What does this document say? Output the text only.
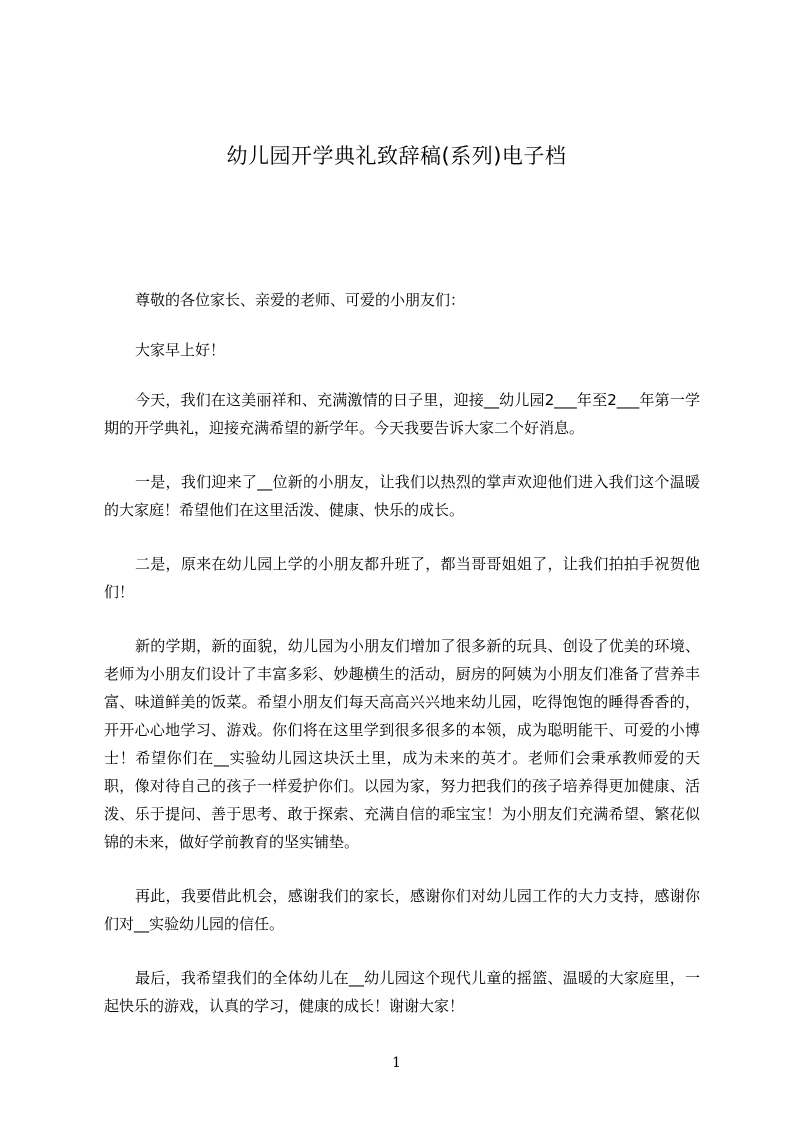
幼儿园开学典礼致辞稿(系列)电子档

尊敬的各位家长、亲爱的老师、可爱的小朋友们：

大家早上好！

今天，我们在这美丽祥和、充满激情的日子里，迎接__幼儿园2___年至2___年第一学期的开学典礼，迎接充满希望的新学年。今天我要告诉大家二个好消息。

一是，我们迎来了__位新的小朋友，让我们以热烈的掌声欢迎他们进入我们这个温暖的大家庭！希望他们在这里活泼、健康、快乐的成长。

二是，原来在幼儿园上学的小朋友都升班了，都当哥哥姐姐了，让我们拍拍手祝贺他们！

新的学期，新的面貌，幼儿园为小朋友们增加了很多新的玩具、创设了优美的环境、老师为小朋友们设计了丰富多彩、妙趣横生的活动，厨房的阿姨为小朋友们准备了营养丰富、味道鲜美的饭菜。希望小朋友们每天高高兴兴地来幼儿园，吃得饱饱的睡得香香的，开开心心地学习、游戏。你们将在这里学到很多很多的本领，成为聪明能干、可爱的小博士！希望你们在__实验幼儿园这块沃土里，成为未来的英才。老师们会秉承教师爱的天职，像对待自己的孩子一样爱护你们。以园为家，努力把我们的孩子培养得更加健康、活泼、乐于提问、善于思考、敢于探索、充满自信的乖宝宝！为小朋友们充满希望、繁花似锦的未来，做好学前教育的坚实铺垫。

再此，我要借此机会，感谢我们的家长，感谢你们对幼儿园工作的大力支持，感谢你们对__实验幼儿园的信任。

最后，我希望我们的全体幼儿在__幼儿园这个现代儿童的摇篮、温暖的大家庭里，一起快乐的游戏，认真的学习，健康的成长！谢谢大家！

1
